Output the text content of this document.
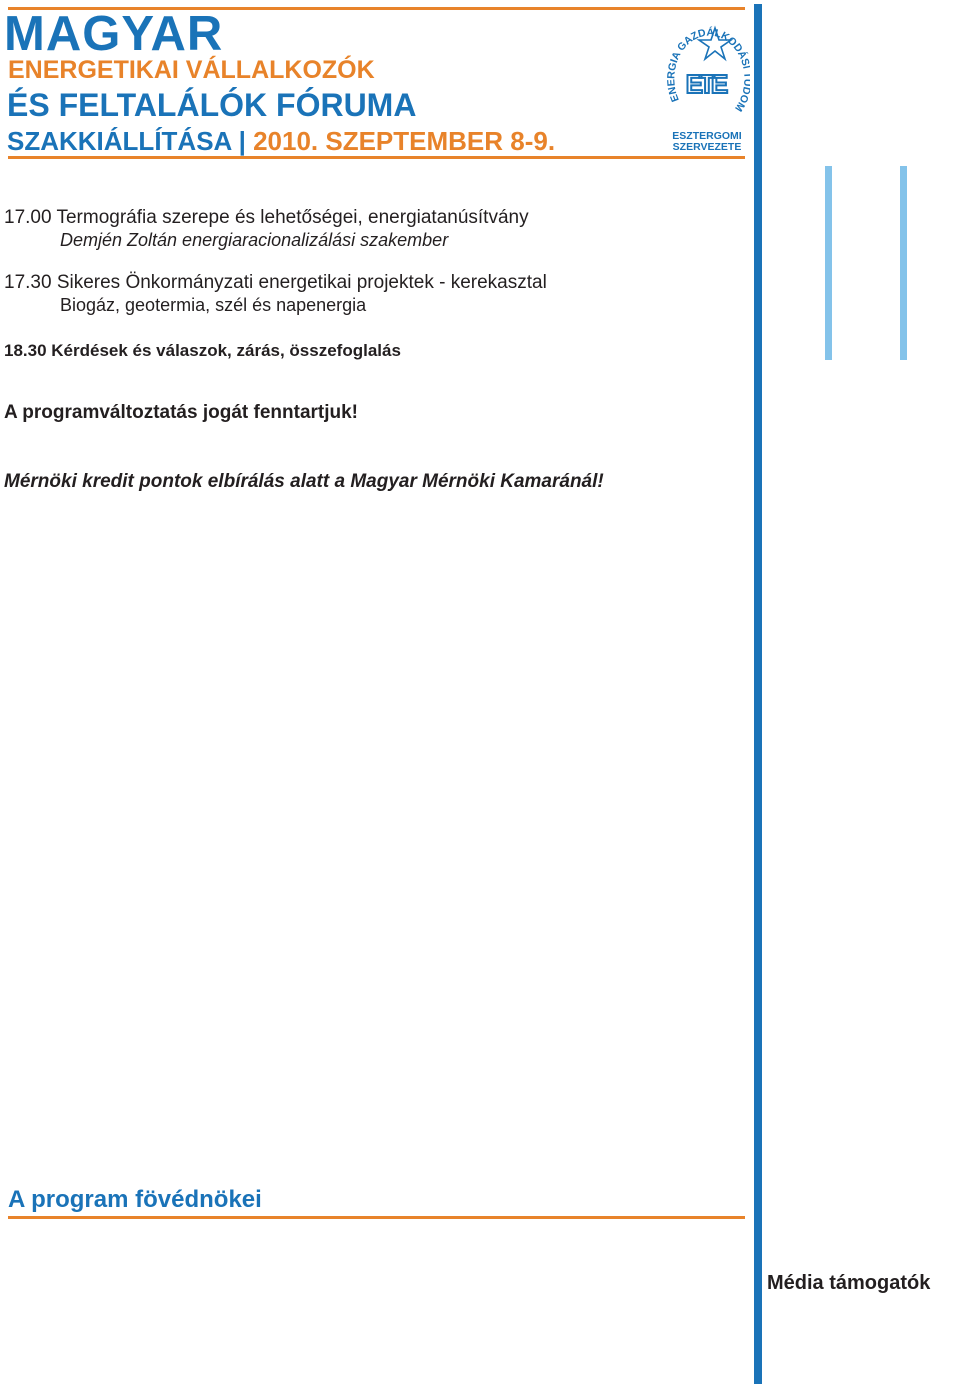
MAGYAR
ENERGETIKAI VÁLLALKOZÓK
ÉS FELTALÁLÓK FÓRUMA
SZAKKIÁLLÍTÁSA | 2010. SZEPTEMBER 8-9.
ENERGIA GAZDÁLKODÁ OM
ETE
ESZTERGOMI
SZERVEZETE
17.00 Termográfia szerepe és lehetőségei, energiatanúsítvány
Demjén Zoltán energiaracionalizálási szakember
17.30 Sikeres Önkormányzati energetikai projektek - kerekasztal
Biogáz, geotermia, szél és napenergia
18.30 Kérdések és válaszok, zárás, összefoglalás
A programváltoztatás jogát fenntartjuk!
Mérnöki kredit pontok elbírálás alatt a Magyar Mérnöki Kamaránál!
A program fövédnökei
Média támogatók
